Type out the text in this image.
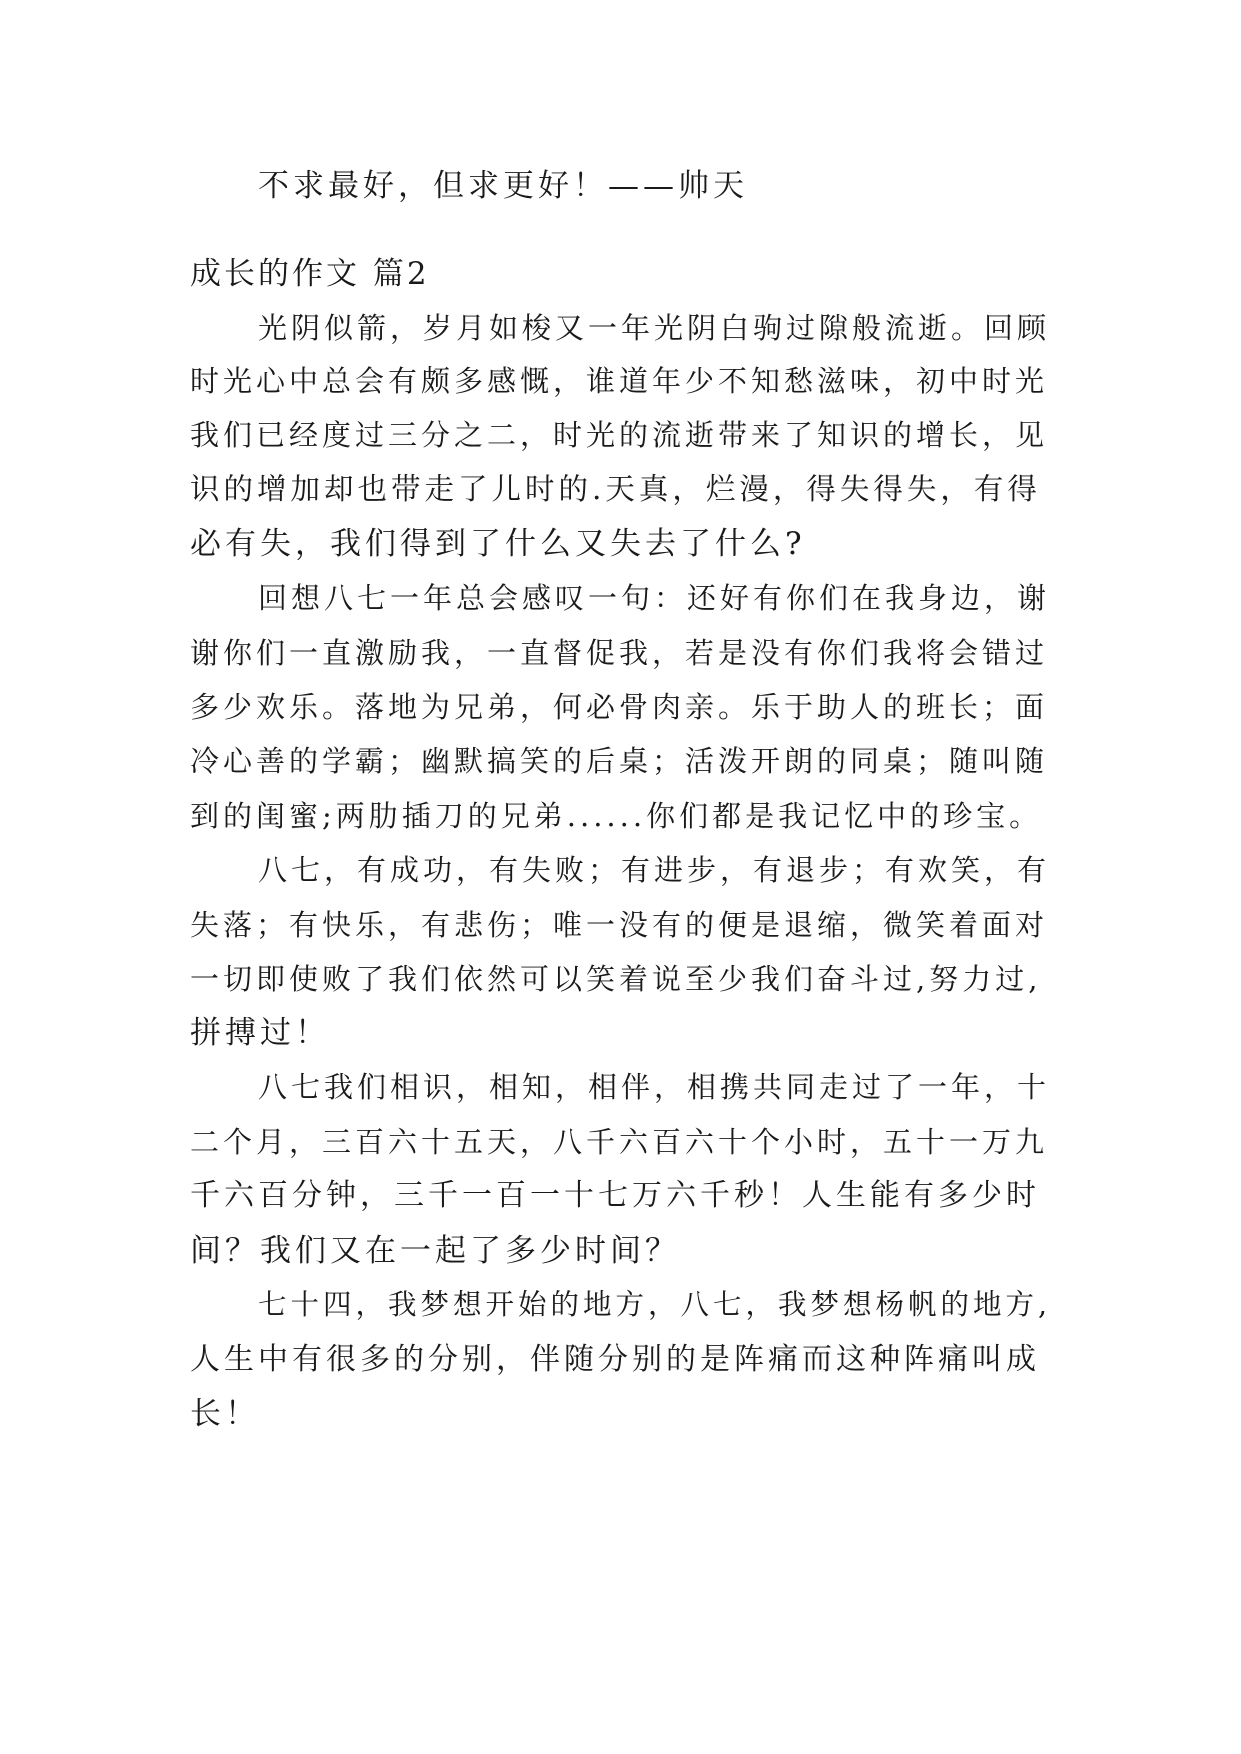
不求最好，但求更好！——帅天
成长的作文 篇2
光阴似箭，岁月如梭又一年光阴白驹过隙般流逝。回顾
时光心中总会有颇多感慨，谁道年少不知愁滋味，初中时光
我们已经度过三分之二，时光的流逝带来了知识的增长，见
识的增加却也带走了儿时的.天真，烂漫，得失得失，有得
必有失，我们得到了什么又失去了什么?
回想八七一年总会感叹一句：还好有你们在我身边，谢
谢你们一直激励我，一直督促我，若是没有你们我将会错过
多少欢乐。落地为兄弟，何必骨肉亲。乐于助人的班长；面
冷心善的学霸；幽默搞笑的后桌；活泼开朗的同桌；随叫随
到的闺蜜;两肋插刀的兄弟......你们都是我记忆中的珍宝。
八七，有成功，有失败；有进步，有退步；有欢笑，有
失落；有快乐，有悲伤；唯一没有的便是退缩，微笑着面对
一切即使败了我们依然可以笑着说至少我们奋斗过,努力过,
拼搏过！
八七我们相识，相知，相伴，相携共同走过了一年，十
二个月，三百六十五天，八千六百六十个小时，五十一万九
千六百分钟，三千一百一十七万六千秒！人生能有多少时
间？我们又在一起了多少时间？
七十四，我梦想开始的地方，八七，我梦想杨帆的地方,
人生中有很多的分别，伴随分别的是阵痛而这种阵痛叫成
长！
